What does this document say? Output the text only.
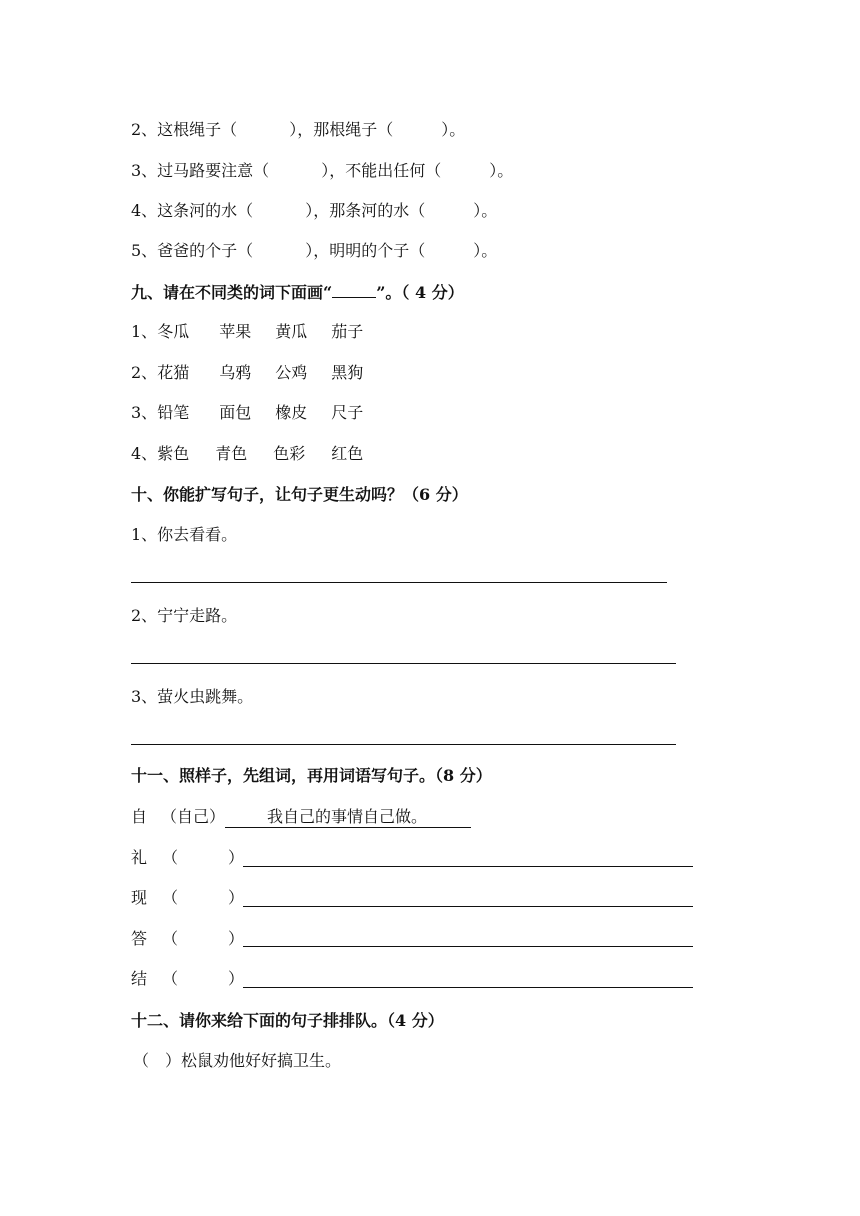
2、这根绳子（	），那根绳子（	）。
3、过马路要注意（	），不能出任何（	）。
4、这条河的水（	），那条河的水（	）。
5、爸爸的个子（	），明明的个子（	）。
九、请在不同类的词下面画“	”。（ 4 分）
1、冬瓜 苹果 黄瓜 茄子
2、花猫 乌鸦 公鸡 黑狗
3、铅笔 面包 橡皮 尺子
4、紫色 青色 色彩 红色
十、你能扩写句子，让句子更生动吗？（6 分）
1、你去看看。
2、宁宁走路。
3、萤火虫跳舞。
十一、照样子，先组词，再用词语写句子。（8 分）
自 （自己）	我自己的事情自己做。
礼 （	）
现 （	）
答 （	）
结 （	）
十二、请你来给下面的句子排排队。（4 分）
（　）松鼠劝他好好搞卫生。
